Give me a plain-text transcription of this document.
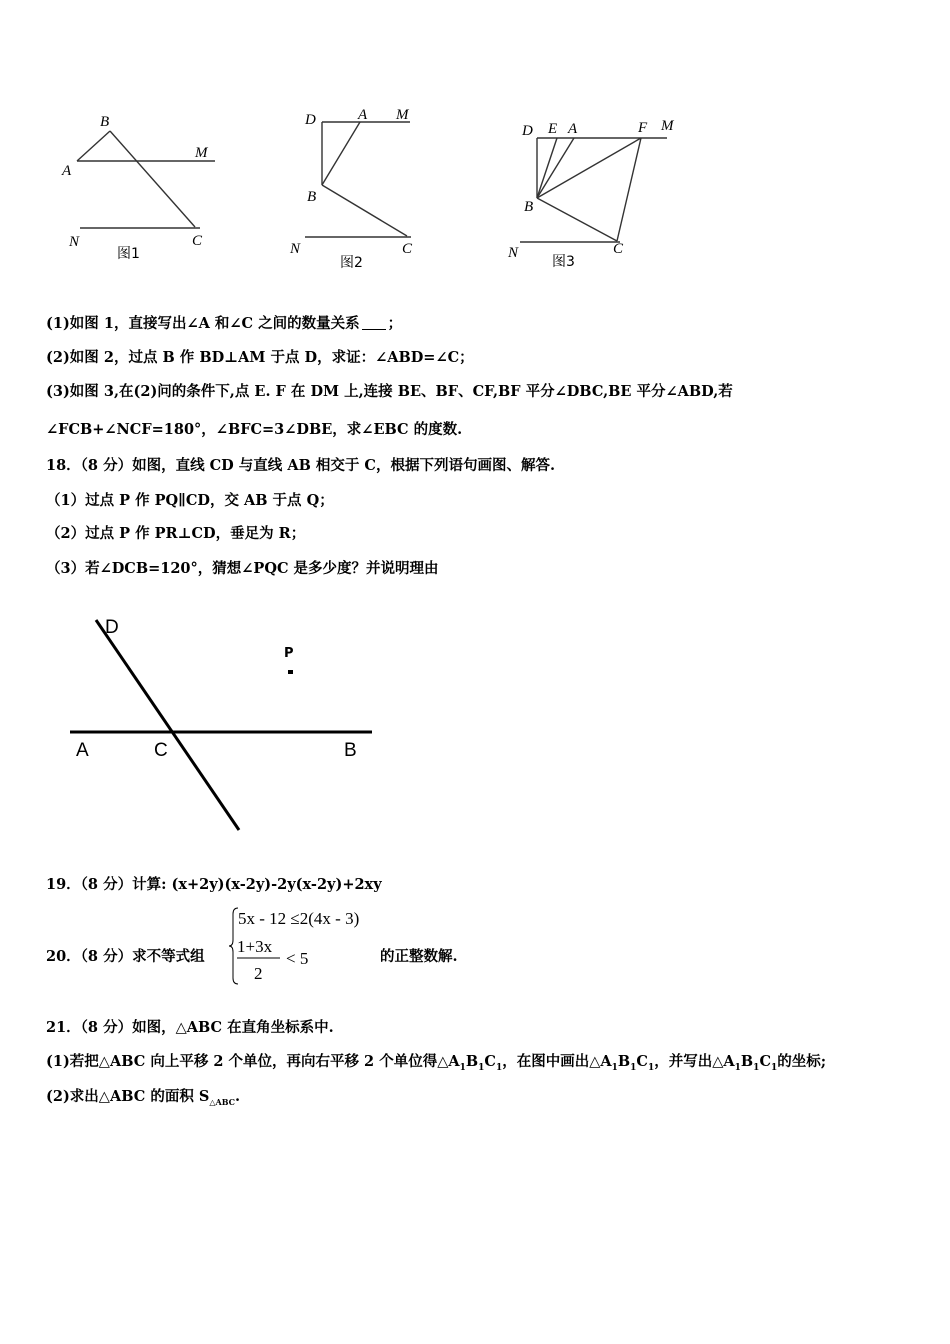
B
A
M
N	C
图1
D	A M
B
N	C
图2
D E A	F M
B
N	C
图3
(1)如图 1，直接写出∠A 和∠C 之间的数量关系 ；
(2)如图 2，过点 B 作 BD⊥AM 于点 D，求证：∠ABD=∠C；
(3)如图 3,在(2)问的条件下,点 E. F 在 DM 上,连接 BE、BF、CF,BF 平分∠DBC,BE 平分∠ABD,若
∠FCB+∠NCF=180°，∠BFC=3∠DBE，求∠EBC 的度数.
18．（8 分）如图，直线 CD 与直线 AB 相交于 C，根据下列语句画图、解答.
（1）过点 P 作 PQ∥CD，交 AB 于点 Q；
（2）过点 P 作 PR⊥CD，垂足为 R；
（3）若∠DCB=120°，猜想∠PQC 是多少度？并说明理由
D
P
A	C	B
19．（8 分）计算: (x+2y)(x-2y)-2y(x-2y)+2xy
20．（8 分）求不等式组
5x - 12 ≤2(4x - 3)
1+3x
2
< 5	的正整数解.
21．（8 分）如图，△ABC 在直角坐标系中.
(1)若把△ABC 向上平移 2 个单位，再向右平移 2 个单位得$\triangle A_1B_1C_1$，在图中画出$\triangle A_1B_1C_1$，并写出$\triangle A_1B_1C_1$的坐标;
(2)求出△ABC 的面积 $S_{\triangle ABC}$.
